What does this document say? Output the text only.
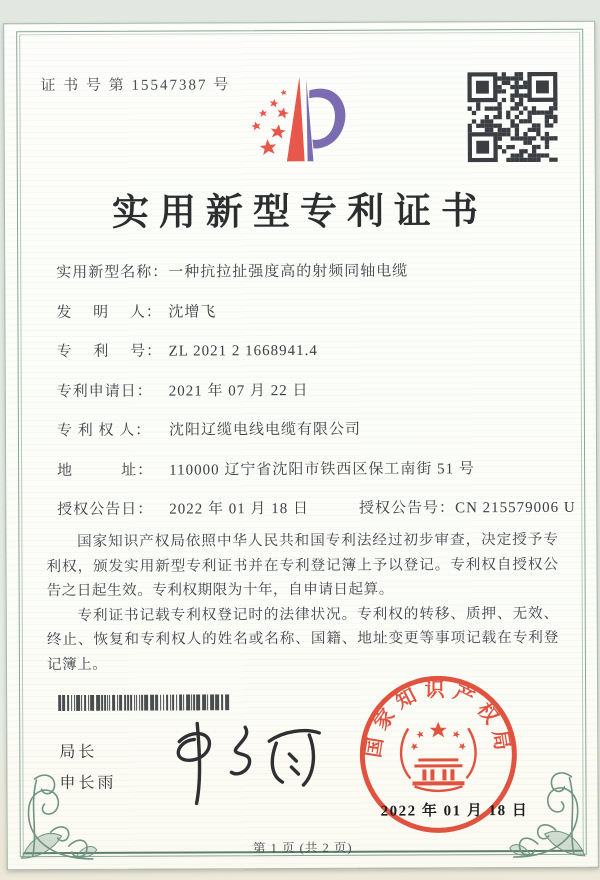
证 书 号 第 15547387 号
实用新型专利证书
实用新型名称：一种抗拉扯强度高的射频同轴电缆
发　 明　 人： 沈增飞
专　 利　 号： ZL 2021 2 1668941.4
专利申请日： 2021 年 07 月 22 日
专 利 权 人： 沈阳辽缆电线电缆有限公司
地　　　址： 110000 辽宁省沈阳市铁西区保工南街 51 号
授权公告日： 2022 年 01 月 18 日	授权公告号：CN 215579006 U

国家知识产权局依照中华人民共和国专利法经过初步审查，决定授予专利权，颁发实用新型专利证书并在专利登记簿上予以登记。专利权自授权公告之日起生效。专利权期限为十年，自申请日起算。

专利证书记载专利权登记时的法律状况。专利权的转移、质押、无效、终止、恢复和专利权人的姓名或名称、国籍、地址变更等事项记载在专利登记簿上。

局长
申长雨
国家知识产权局
2022 年 01 月 18 日
第 1 页 (共 2 页)
